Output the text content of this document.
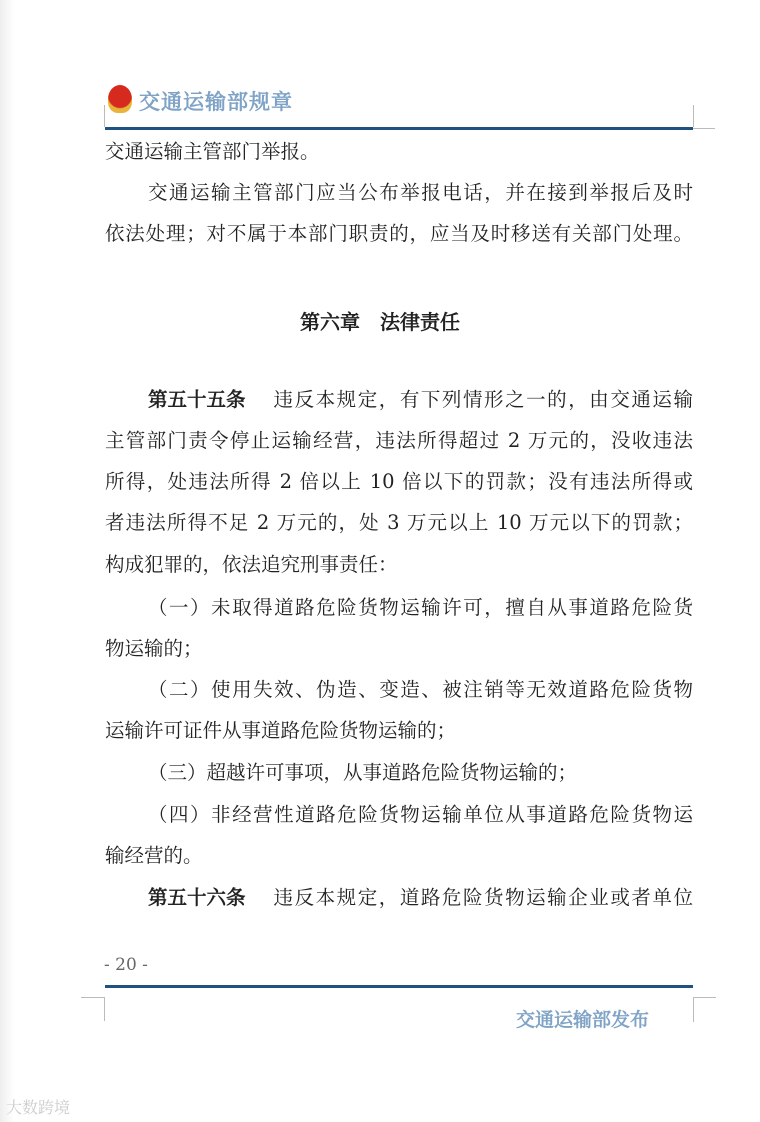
交通运输部规章
交通运输主管部门举报。
交通运输主管部门应当公布举报电话，并在接到举报后及时
依法处理；对不属于本部门职责的，应当及时移送有关部门处理。
第六章　法律责任
第五十五条 违反本规定，有下列情形之一的，由交通运输
主管部门责令停止运输经营，违法所得超过 2 万元的，没收违法
所得，处违法所得 2 倍以上 10 倍以下的罚款；没有违法所得或
者违法所得不足 2 万元的，处 3 万元以上 10 万元以下的罚款；
构成犯罪的，依法追究刑事责任：
（一）未取得道路危险货物运输许可，擅自从事道路危险货
物运输的；
（二）使用失效、伪造、变造、被注销等无效道路危险货物
运输许可证件从事道路危险货物运输的；
（三）超越许可事项，从事道路危险货物运输的；
（四）非经营性道路危险货物运输单位从事道路危险货物运
输经营的。
第五十六条 违反本规定，道路危险货物运输企业或者单位
- 20 -
交通运输部发布
大数跨境
